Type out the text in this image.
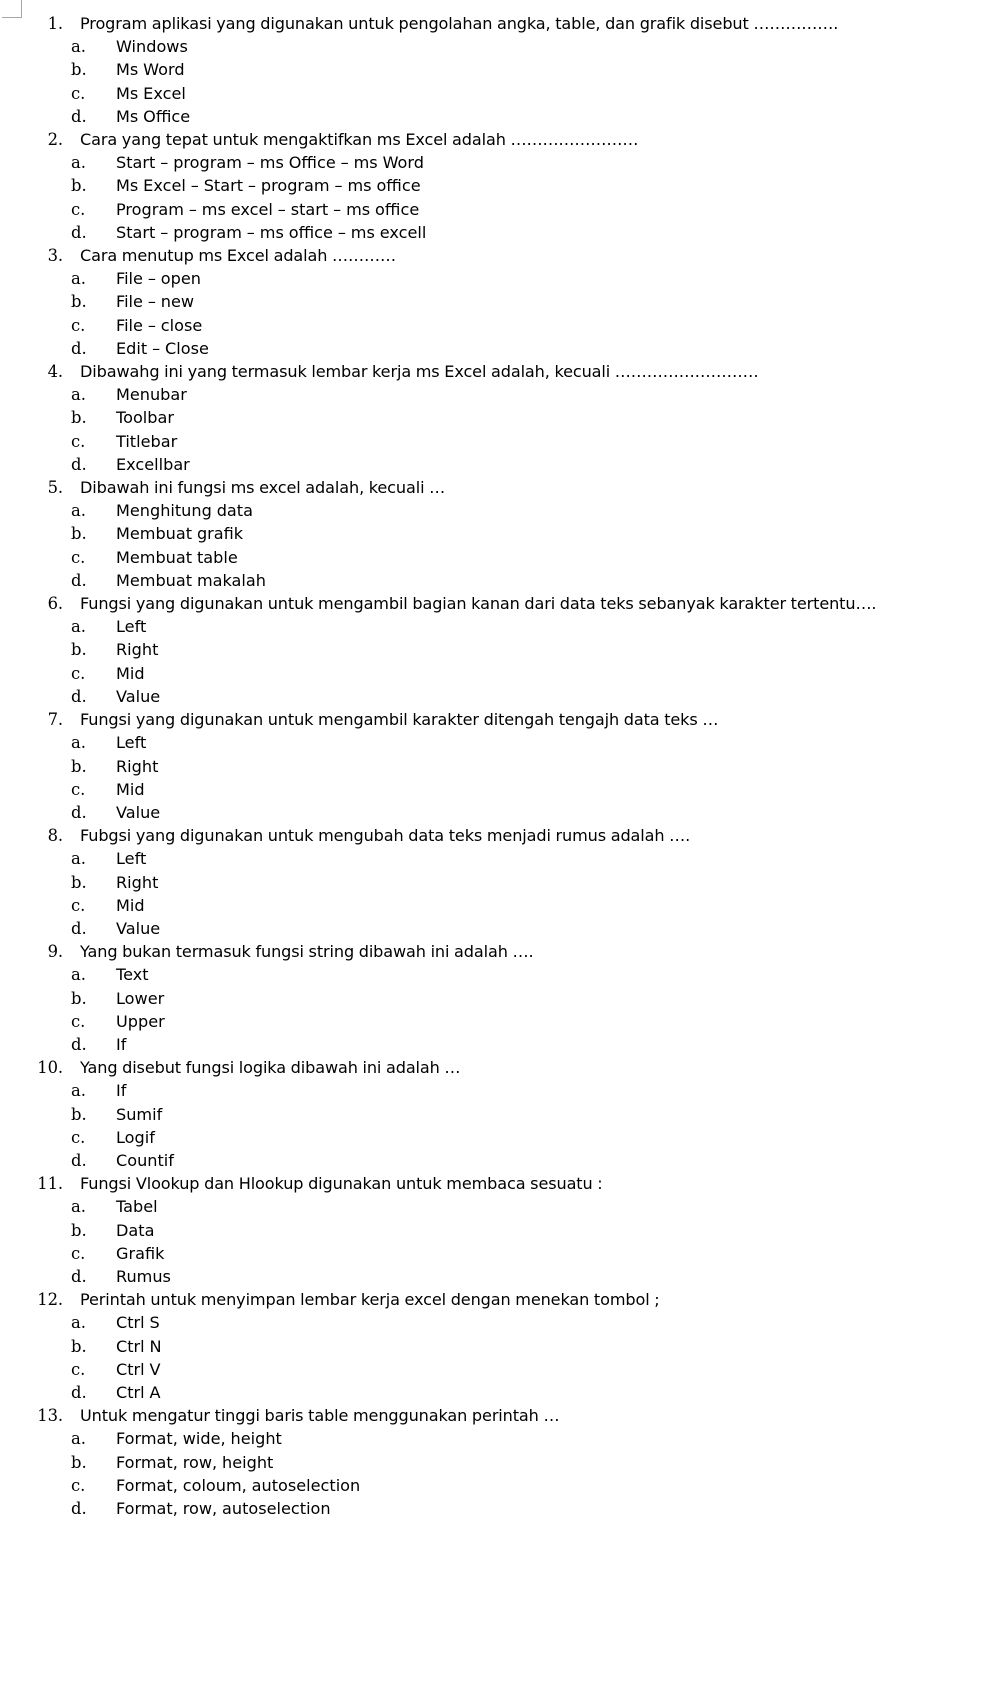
1.	Program aplikasi yang digunakan untuk pengolahan angka, table, dan grafik disebut …………….
a.	Windows
b.	Ms Word
c.	Ms Excel
d.	Ms Office
2.	Cara yang tepat untuk mengaktifkan ms Excel adalah ……………………
a.	Start – program – ms Office – ms Word
b.	Ms Excel – Start – program – ms office
c.	Program – ms excel – start – ms office
d.	Start – program – ms office – ms excell
3.	Cara menutup ms Excel adalah …………
a.	File – open
b.	File – new
c.	File – close
d.	Edit – Close
4.	Dibawahg ini yang termasuk lembar kerja ms Excel adalah, kecuali ………………………
a.	Menubar
b.	Toolbar
c.	Titlebar
d.	Excellbar
5.	Dibawah ini fungsi ms excel adalah, kecuali …
a.	Menghitung data
b.	Membuat grafik
c.	Membuat table
d.	Membuat makalah
6.	Fungsi yang digunakan untuk mengambil bagian kanan dari data teks sebanyak karakter tertentu….
a.	Left
b.	Right
c.	Mid
d.	Value
7.	Fungsi yang digunakan untuk mengambil karakter ditengah tengajh data teks …
a.	Left
b.	Right
c.	Mid
d.	Value
8.	Fubgsi yang digunakan untuk mengubah data teks menjadi rumus adalah ….
a.	Left
b.	Right
c.	Mid
d.	Value
9.	Yang bukan termasuk fungsi string dibawah ini adalah ….
a.	Text
b.	Lower
c.	Upper
d.	If
10.	Yang disebut fungsi logika dibawah ini adalah …
a.	If
b.	Sumif
c.	Logif
d.	Countif
11.	Fungsi Vlookup dan Hlookup digunakan untuk membaca sesuatu :
a.	Tabel
b.	Data
c.	Grafik
d.	Rumus
12.	Perintah untuk menyimpan lembar kerja excel dengan menekan tombol ;
a.	Ctrl S
b.	Ctrl N
c.	Ctrl V
d.	Ctrl A
13.	Untuk mengatur tinggi baris table menggunakan perintah …
a.	Format, wide, height
b.	Format, row, height
c.	Format, coloum, autoselection
d.	Format, row, autoselection
